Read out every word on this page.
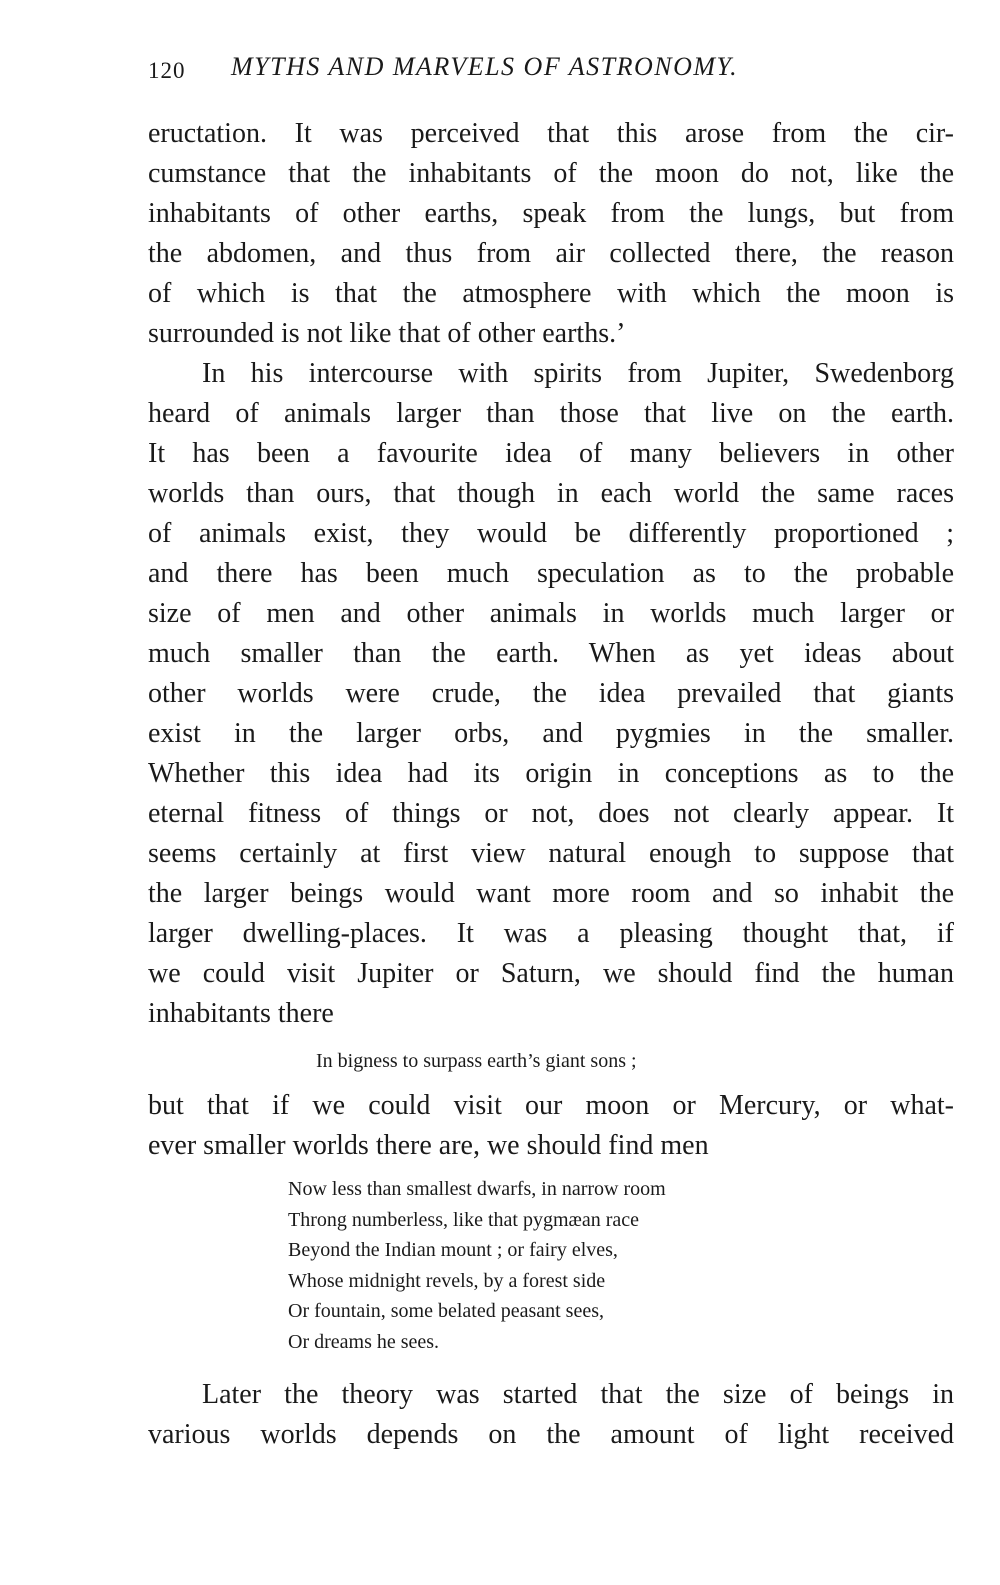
120 MYTHS AND MARVELS OF ASTRONOMY.
eructation. It was perceived that this arose from the cir-
cumstance that the inhabitants of the moon do not, like the
inhabitants of other earths, speak from the lungs, but from
the abdomen, and thus from air collected there, the reason
of which is that the atmosphere with which the moon is
surrounded is not like that of other earths.’
In his intercourse with spirits from Jupiter, Swedenborg
heard of animals larger than those that live on the earth.
It has been a favourite idea of many believers in other
worlds than ours, that though in each world the same races
of animals exist, they would be differently proportioned ;
and there has been much speculation as to the probable
size of men and other animals in worlds much larger or
much smaller than the earth. When as yet ideas about
other worlds were crude, the idea prevailed that giants
exist in the larger orbs, and pygmies in the smaller.
Whether this idea had its origin in conceptions as to the
eternal fitness of things or not, does not clearly appear. It
seems certainly at first view natural enough to suppose that
the larger beings would want more room and so inhabit the
larger dwelling-places. It was a pleasing thought that, if
we could visit Jupiter or Saturn, we should find the human
inhabitants there
In bigness to surpass earth’s giant sons ;
but that if we could visit our moon or Mercury, or what-
ever smaller worlds there are, we should find men
Now less than smallest dwarfs, in narrow room
Throng numberless, like that pygmæan race
Beyond the Indian mount ; or fairy elves,
Whose midnight revels, by a forest side
Or fountain, some belated peasant sees,
Or dreams he sees.
Later the theory was started that the size of beings in
various worlds depends on the amount of light received
